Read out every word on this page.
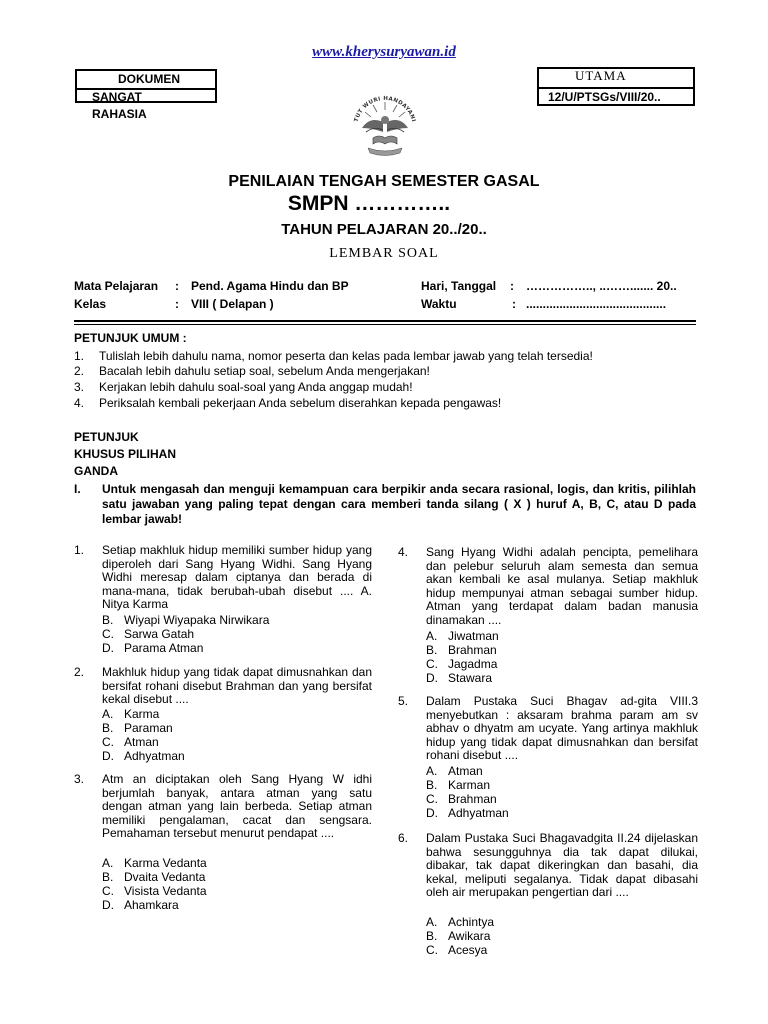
www.kherysuryawan.id
DOKUMEN
SANGAT
RAHASIA
UTAMA
12/U/PTSGs/VIII/20..
TUT WURI HANDAYANI
PENILAIAN TENGAH SEMESTER GASAL
SMPN …………..
TAHUN PELAJARAN 20../20..
LEMBAR SOAL
Mata Pelajaran : Pend. Agama Hindu dan BP
Kelas	: VIII ( Delapan )
Hari, Tanggal : …………….., ..……....... 20..
Waktu	: ..........................................
PETUNJUK UMUM :
1. Tulislah lebih dahulu nama, nomor peserta dan kelas pada lembar jawab yang telah tersedia!
2. Bacalah lebih dahulu setiap soal, sebelum Anda mengerjakan!
3. Kerjakan lebih dahulu soal-soal yang Anda anggap mudah!
4. Periksalah kembali pekerjaan Anda sebelum diserahkan kepada pengawas!
PETUNJUK
KHUSUS PILIHAN
GANDA
I. Untuk mengasah dan menguji kemampuan cara berpikir anda secara rasional, logis, dan kritis, pilihlah satu jawaban yang paling tepat dengan cara memberi tanda silang ( X ) huruf A, B, C, atau D pada lembar jawab!
1. Setiap makhluk hidup memiliki sumber hidup yang diperoleh dari Sang Hyang Widhi. Sang Hyang Widhi meresap dalam ciptanya dan berada di mana-mana, tidak berubah-ubah disebut .... A. Nitya Karma
B. Wiyapi Wiyapaka Nirwikara
C. Sarwa Gatah
D. Parama Atman
2. Makhluk hidup yang tidak dapat dimusnahkan dan bersifat rohani disebut Brahman dan yang bersifat kekal disebut ....
A. Karma
B. Paraman
C. Atman
D. Adhyatman
3. Atm an diciptakan oleh Sang Hyang W idhi berjumlah banyak, antara atman yang satu dengan atman yang lain berbeda. Setiap atman memiliki pengalaman, cacat dan sengsara. Pemahaman tersebut menurut pendapat ....
A. Karma Vedanta
B. Dvaita Vedanta
C. Visista Vedanta
D. Ahamkara
4. Sang Hyang Widhi adalah pencipta, pemelihara dan pelebur seluruh alam semesta dan semua akan kembali ke asal mulanya. Setiap makhluk hidup mempunyai atman sebagai sumber hidup. Atman yang terdapat dalam badan manusia dinamakan ....
A. Jiwatman
B. Brahman
C. Jagadma
D. Stawara
5. Dalam Pustaka Suci Bhagav ad-gita VIII.3 menyebutkan : aksaram brahma param am sv abhav o dhyatm am ucyate. Yang artinya makhluk hidup yang tidak dapat dimusnahkan dan bersifat rohani disebut ....
A. Atman
B. Karman
C. Brahman
D. Adhyatman
6. Dalam Pustaka Suci Bhagavadgita II.24 dijelaskan bahwa sesungguhnya dia tak dapat dilukai, dibakar, tak dapat dikeringkan dan basahi, dia kekal, meliputi segalanya. Tidak dapat dibasahi oleh air merupakan pengertian dari ....
A. Achintya
B. Awikara
C. Acesya
